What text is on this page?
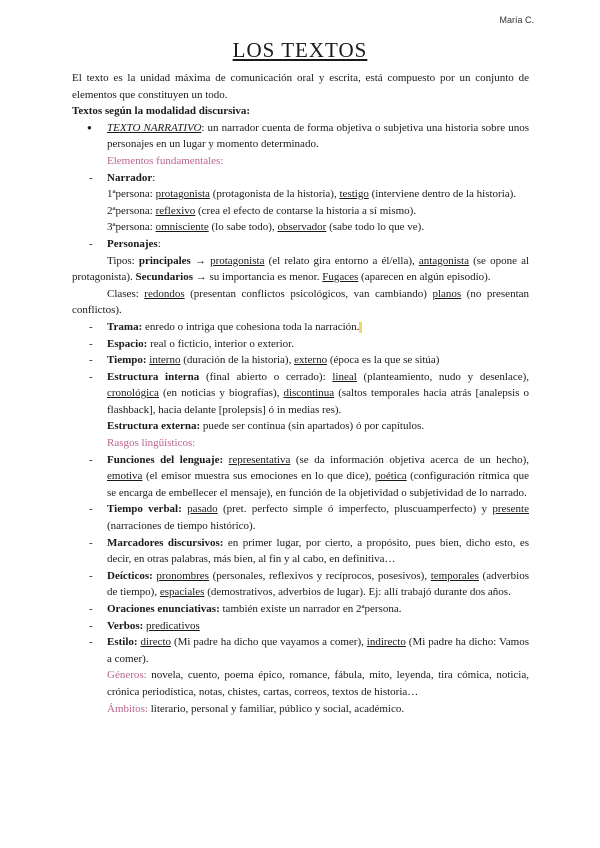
María C.
LOS TEXTOS

El texto es la unidad máxima de comunicación oral y escrita, está compuesto por un conjunto de elementos que constituyen un todo.

Textos según la modalidad discursiva:

● TEXTO NARRATIVO: un narrador cuenta de forma objetiva o subjetiva una historia sobre unos personajes en un lugar y momento determinado.

Elementos fundamentales:

- Narrador:

1ªpersona: protagonista (protagonista de la historia), testigo (interviene dentro de la historia).

2ªpersona: reflexivo (crea el efecto de contarse la historia a sí mismo).

3ªpersona: omnisciente (lo sabe todo), observador (sabe todo lo que ve).

- Personajes:

Tipos: principales → protagonista (el relato gira entorno a él/ella), antagonista (se opone al protagonista). Secundarios → su importancia es menor. Fugaces (aparecen en algún episodio).

Clases: redondos (presentan conflictos psicológicos, van cambiando) planos (no presentan conflictos).

- Trama: enredo o intriga que cohesiona toda la narración.
- Espacio: real o ficticio, interior o exterior.
- Tiempo: interno (duración de la historia), externo (época es la que se sitúa)
- Estructura interna (final abierto o cerrado): lineal (planteamiento, nudo y desenlace), cronológica (en noticias y biografías), discontinua (saltos temporales hacia atrás [analepsis o flashback], hacia delante [prolepsis] ó in medias res).
Estructura externa: puede ser continua (sin apartados) ó por capítulos.

Rasgos lingüísticos:

- Funciones del lenguaje: representativa (se da información objetiva acerca de un hecho), emotiva (el emisor muestra sus emociones en lo que dice), poética (configuración rítmica que se encarga de embellecer el mensaje), en función de la objetividad o subjetividad de lo narrado.
- Tiempo verbal: pasado (pret. perfecto simple ó imperfecto, pluscuamperfecto) y presente (narraciones de tiempo histórico).
- Marcadores discursivos: en primer lugar, por cierto, a propósito, pues bien, dicho esto, es decir, en otras palabras, más bien, al fin y al cabo, en definitiva…
- Deícticos: pronombres (personales, reflexivos y recíprocos, posesivos), temporales (adverbios de tiempo), espaciales (demostrativos, adverbios de lugar). Ej: allí trabajó durante dos años.
- Oraciones enunciativas: también existe un narrador en 2ªpersona.
- Verbos: predicativos
- Estilo: directo (Mi padre ha dicho que vayamos a comer), indirecto (Mi padre ha dicho: Vamos a comer).

Géneros: novela, cuento, poema épico, romance, fábula, mito, leyenda, tira cómica, noticia, crónica periodística, notas, chistes, cartas, correos, textos de historia…

Ámbitos: literario, personal y familiar, público y social, académico.
